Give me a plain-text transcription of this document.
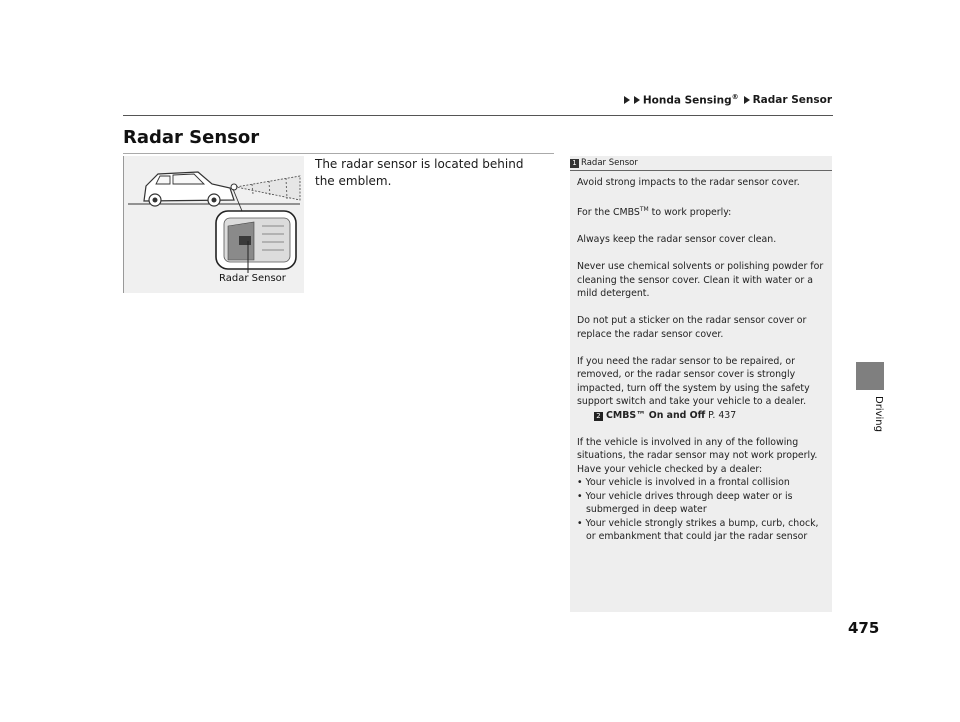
Honda Sensing® Radar Sensor
Radar Sensor
Radar Sensor

The radar sensor is located behind the emblem.

1 Radar Sensor

Avoid strong impacts to the radar sensor cover.

For the CMBS™ to work properly:

Always keep the radar sensor cover clean.

Never use chemical solvents or polishing powder for cleaning the sensor cover. Clean it with water or a mild detergent.

Do not put a sticker on the radar sensor cover or replace the radar sensor cover.

If you need the radar sensor to be repaired, or removed, or the radar sensor cover is strongly impacted, turn off the system by using the safety support switch and take your vehicle to a dealer.

2 CMBS™ On and Off P. 437

If the vehicle is involved in any of the following situations, the radar sensor may not work properly. Have your vehicle checked by a dealer:

• Your vehicle is involved in a frontal collision

• Your vehicle drives through deep water or is submerged in deep water

• Your vehicle strongly strikes a bump, curb, chock, or embankment that could jar the radar sensor

Driving
475
